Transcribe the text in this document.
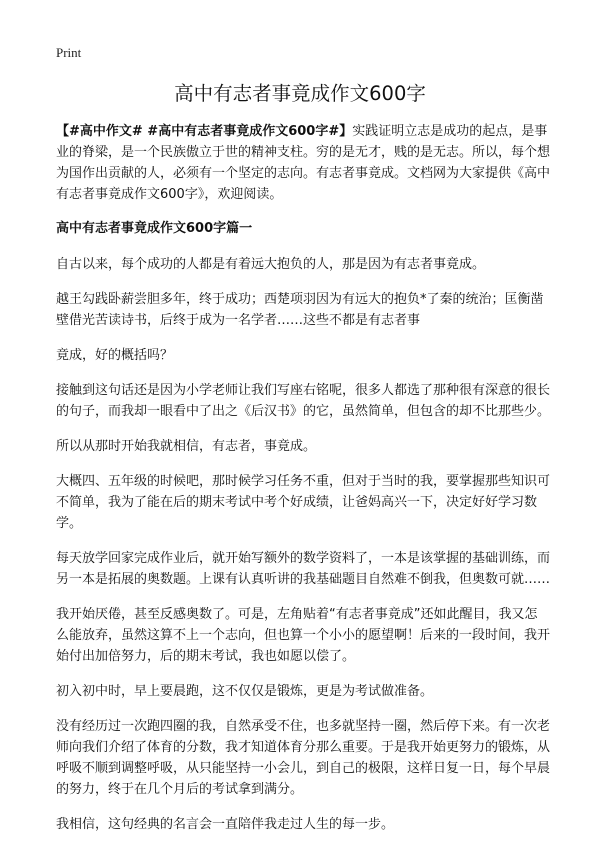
Print
高中有志者事竟成作文600字

【#高中作文# #高中有志者事竟成作文600字#】实践证明立志是成功的起点，是事业的脊梁，是一个民族傲立于世的精神支柱。穷的是无才，贱的是无志。所以，每个想为国作出贡献的人，必须有一个坚定的志向。有志者事竟成。文档网为大家提供《高中有志者事竟成作文600字》，欢迎阅读。

高中有志者事竟成作文600字篇一

自古以来，每个成功的人都是有着远大抱负的人，那是因为有志者事竟成。

越王勾践卧薪尝胆多年，终于成功；西楚项羽因为有远大的抱负*了秦的统治；匡衡凿壁借光苦读诗书，后终于成为一名学者……这些不都是有志者事

竟成，好的概括吗？

接触到这句话还是因为小学老师让我们写座右铭呢，很多人都选了那种很有深意的很长的句子，而我却一眼看中了出之《后汉书》的它，虽然简单，但包含的却不比那些少。

所以从那时开始我就相信，有志者，事竟成。

大概四、五年级的时候吧，那时候学习任务不重，但对于当时的我，要掌握那些知识可不简单，我为了能在后的期末考试中考个好成绩，让爸妈高兴一下，决定好好学习数学。

每天放学回家完成作业后，就开始写额外的数学资料了，一本是该掌握的基础训练，而另一本是拓展的奥数题。上课有认真听讲的我基础题目自然难不倒我，但奥数可就……

我开始厌倦，甚至反感奥数了。可是，左角贴着“有志者事竟成”还如此醒目，我又怎么能放弃，虽然这算不上一个志向，但也算一个小小的愿望啊！后来的一段时间，我开始付出加倍努力，后的期末考试，我也如愿以偿了。

初入初中时，早上要晨跑，这不仅仅是锻炼，更是为考试做准备。

没有经历过一次跑四圈的我，自然承受不住，也多就坚持一圈，然后停下来。有一次老师向我们介绍了体育的分数，我才知道体育分那么重要。于是我开始更努力的锻炼，从呼吸不顺到调整呼吸，从只能坚持一小会儿，到自己的极限，这样日复一日，每个早晨的努力，终于在几个月后的考试拿到满分。

我相信，这句经典的名言会一直陪伴我走过人生的每一步。
